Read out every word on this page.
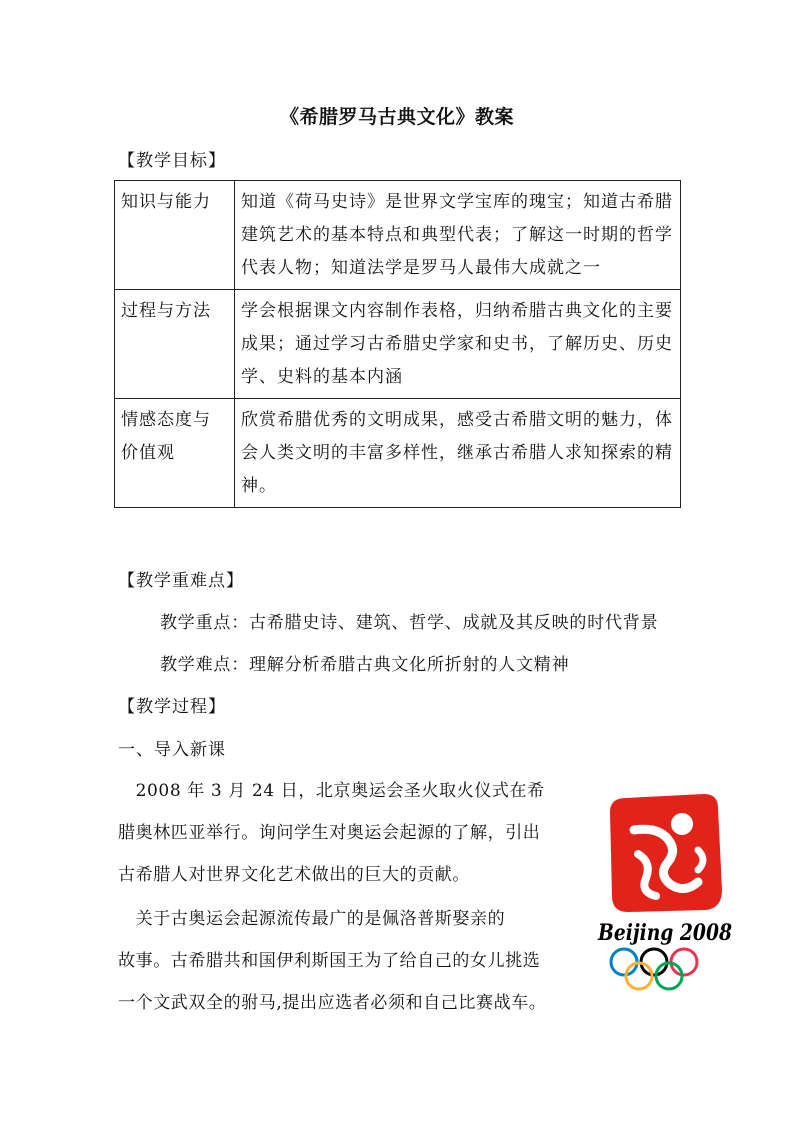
《希腊罗马古典文化》教案
【教学目标】
知识与能力	知道《荷马史诗》是世界文学宝库的瑰宝；知道古希腊建筑艺术的基本特点和典型代表；了解这一时期的哲学代表人物；知道法学是罗马人最伟大成就之一
过程与方法	学会根据课文内容制作表格，归纳希腊古典文化的主要成果；通过学习古希腊史学家和史书，了解历史、历史学、史料的基本内涵
情感态度与价值观	欣赏希腊优秀的文明成果，感受古希腊文明的魅力，体会人类文明的丰富多样性，继承古希腊人求知探索的精神。
【教学重难点】
教学重点：古希腊史诗、建筑、哲学、成就及其反映的时代背景
教学难点：理解分析希腊古典文化所折射的人文精神
【教学过程】
一、导入新课
　2008 年 3 月 24 日，北京奥运会圣火取火仪式在希
腊奥林匹亚举行。询问学生对奥运会起源的了解，引出
古希腊人对世界文化艺术做出的巨大的贡献。
　关于古奥运会起源流传最广的是佩洛普斯娶亲的
故事。古希腊共和国伊利斯国王为了给自己的女儿挑选
一个文武双全的驸马,提出应选者必须和自己比赛战车。
Beijing 2008
